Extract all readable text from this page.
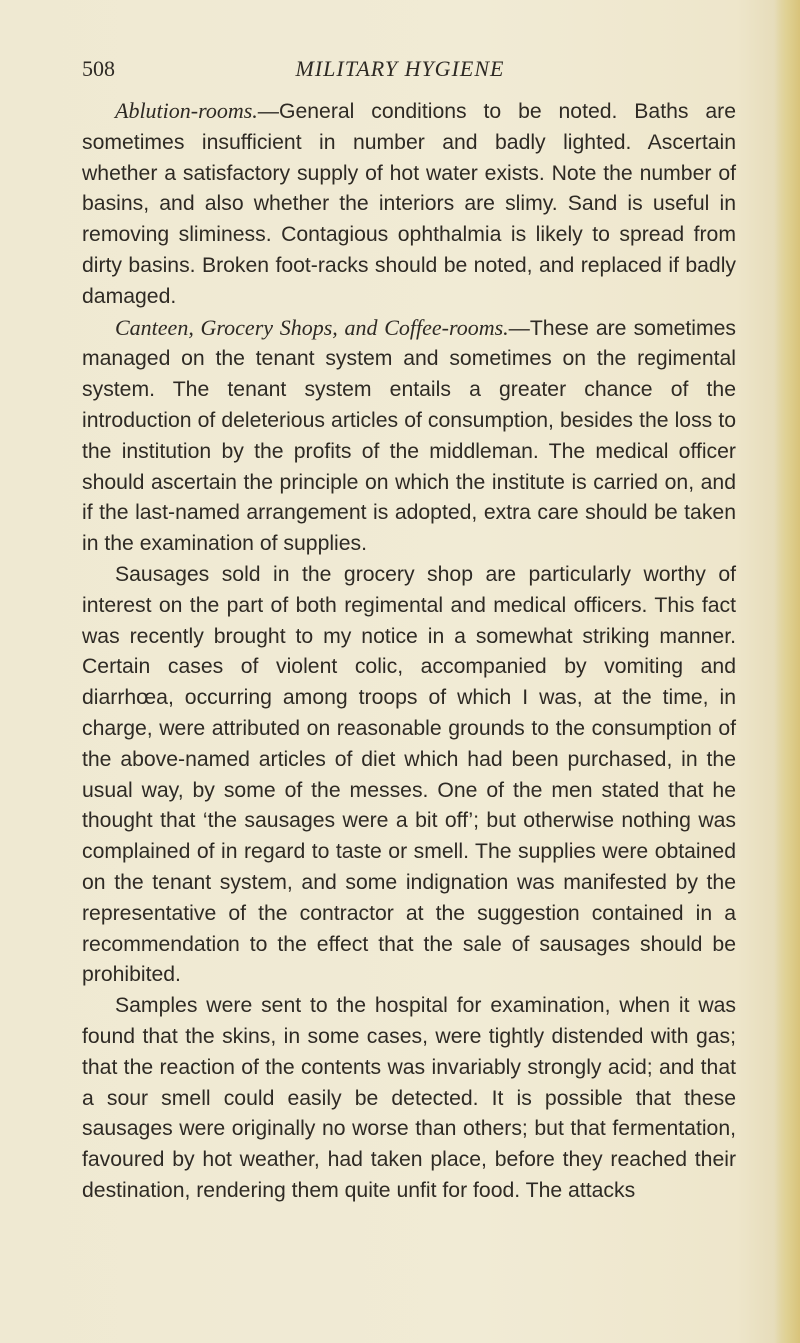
508	MILITARY HYGIENE

Ablution-rooms.—General conditions to be noted. Baths are sometimes insufficient in number and badly lighted. Ascertain whether a satisfactory supply of hot water exists. Note the number of basins, and also whether the interiors are slimy. Sand is useful in removing sliminess. Contagious ophthalmia is likely to spread from dirty basins. Broken foot-racks should be noted, and replaced if badly damaged.

Canteen, Grocery Shops, and Coffee-rooms.—These are sometimes managed on the tenant system and sometimes on the regimental system. The tenant system entails a greater chance of the introduction of deleterious articles of consumption, besides the loss to the institution by the profits of the middleman. The medical officer should ascertain the principle on which the institute is carried on, and if the last-named arrangement is adopted, extra care should be taken in the examination of supplies.

Sausages sold in the grocery shop are particularly worthy of interest on the part of both regimental and medical officers. This fact was recently brought to my notice in a somewhat striking manner. Certain cases of violent colic, accompanied by vomiting and diarrhœa, occurring among troops of which I was, at the time, in charge, were attributed on reasonable grounds to the consumption of the above-named articles of diet which had been purchased, in the usual way, by some of the messes. One of the men stated that he thought that ‘the sausages were a bit off’; but otherwise nothing was complained of in regard to taste or smell. The supplies were obtained on the tenant system, and some indignation was manifested by the representative of the contractor at the suggestion contained in a recommendation to the effect that the sale of sausages should be prohibited.

Samples were sent to the hospital for examination, when it was found that the skins, in some cases, were tightly distended with gas; that the reaction of the contents was invariably strongly acid; and that a sour smell could easily be detected. It is possible that these sausages were originally no worse than others; but that fermentation, favoured by hot weather, had taken place, before they reached their destination, rendering them quite unfit for food. The attacks
